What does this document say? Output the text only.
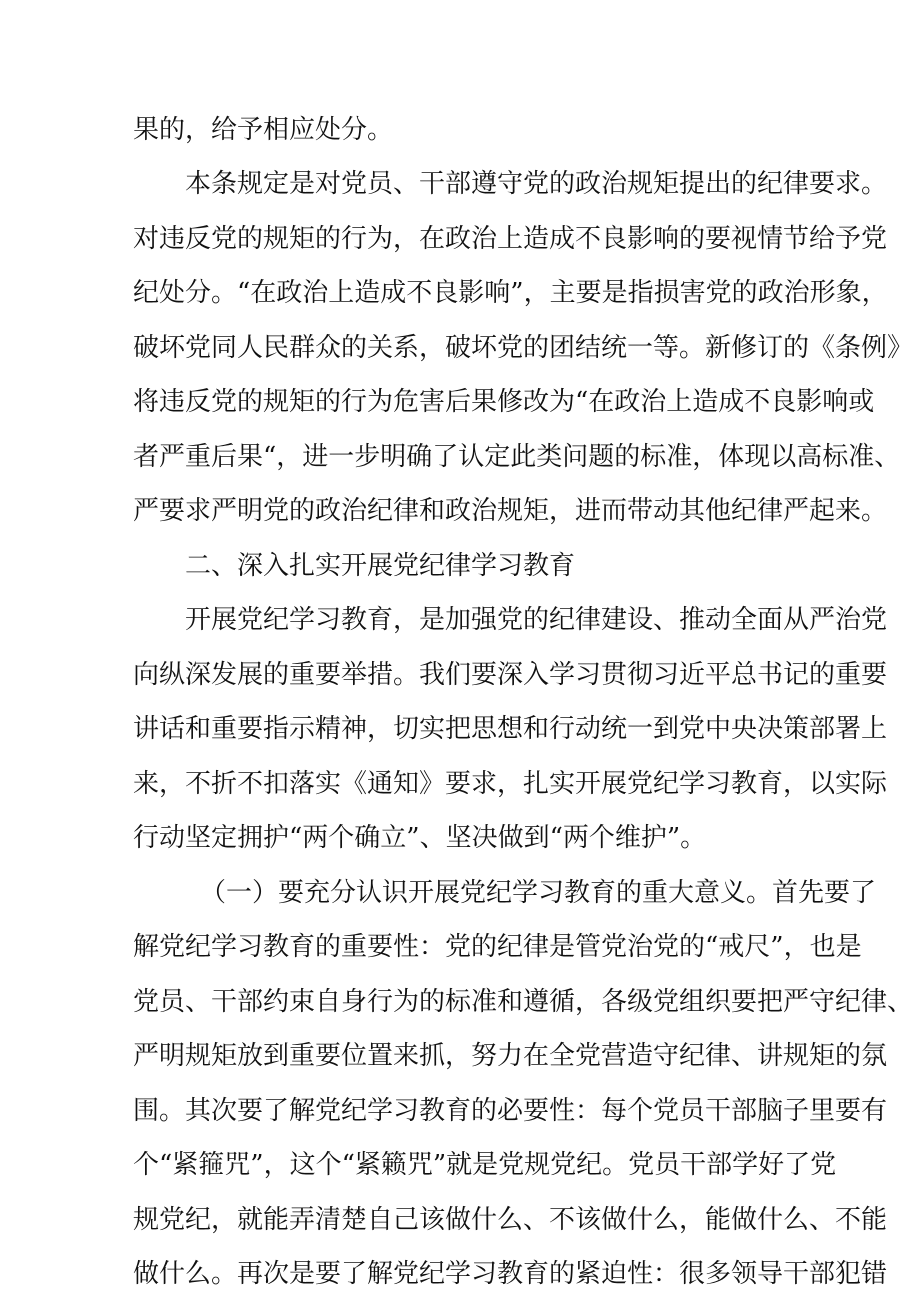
果的，给予相应处分。
本条规定是对党员、干部遵守党的政治规矩提出的纪律要求。
对违反党的规矩的行为，在政治上造成不良影响的要视情节给予党
纪处分。“在政治上造成不良影响”，主要是指损害党的政治形象，
破坏党同人民群众的关系，破坏党的团结统一等。新修订的《条例》
将违反党的规矩的行为危害后果修改为“在政治上造成不良影响或
者严重后果“，进一步明确了认定此类问题的标准，体现以高标准、
严要求严明党的政治纪律和政治规矩，进而带动其他纪律严起来。
二、深入扎实开展党纪律学习教育
开展党纪学习教育，是加强党的纪律建设、推动全面从严治党
向纵深发展的重要举措。我们要深入学习贯彻习近平总书记的重要
讲话和重要指示精神，切实把思想和行动统一到党中央决策部署上
来，不折不扣落实《通知》要求，扎实开展党纪学习教育，以实际
行动坚定拥护“两个确立”、坚决做到“两个维护”。
（一）要充分认识开展党纪学习教育的重大意义。首先要了
解党纪学习教育的重要性：党的纪律是管党治党的“戒尺”，也是
党员、干部约束自身行为的标准和遵循，各级党组织要把严守纪律、
严明规矩放到重要位置来抓，努力在全党营造守纪律、讲规矩的氛
围。其次要了解党纪学习教育的必要性：每个党员干部脑子里要有
个“紧箍咒”，这个“紧籁咒”就是党规党纪。党员干部学好了党
规党纪，就能弄清楚自己该做什么、不该做什么，能做什么、不能
做什么。再次是要了解党纪学习教育的紧迫性：很多领导干部犯错
